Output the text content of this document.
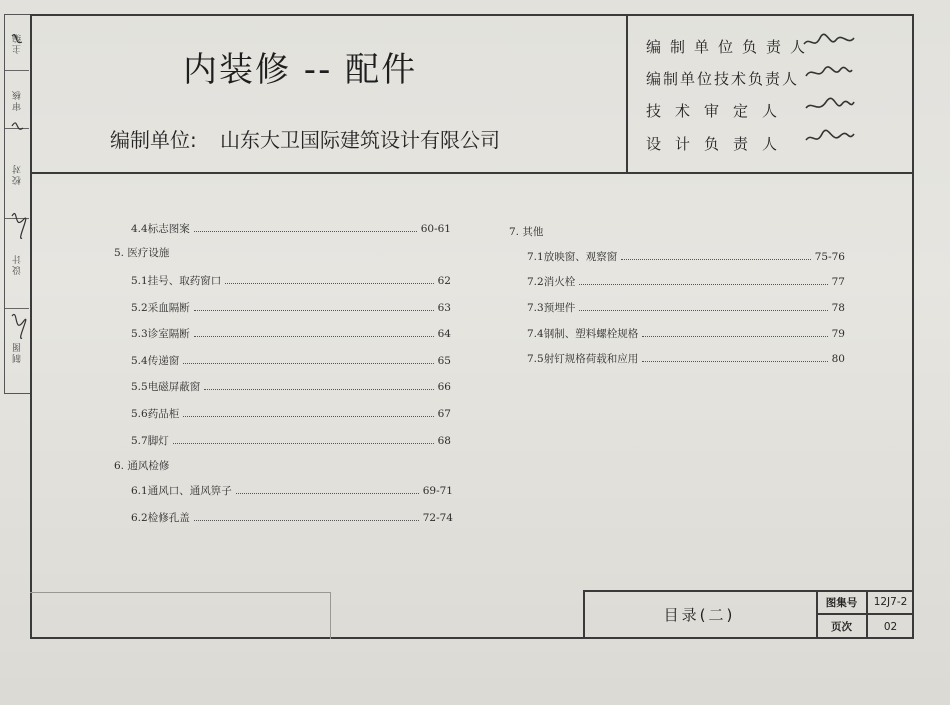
主编
审核
校对
设计
制图
内装修 -- 配件
编制单位: 山东大卫国际建筑设计有限公司
编制单位负责人
编制单位技术负责人
技术审定人
设计负责人
4.4标志图案	60-61
5. 医疗设施
5.1挂号、取药窗口	62
5.2采血隔断	63
5.3诊室隔断	64
5.4传递窗	65
5.5电磁屏蔽窗	66
5.6药品柜	67
5.7脚灯	68
6. 通风检修
6.1通风口、通风箅子	69-71
6.2检修孔盖	72-74
7. 其他
7.1放映窗、观察窗	75-76
7.2消火栓	77
7.3预埋件	78
7.4钢制、塑料螺栓规格	79
7.5射钉规格荷载和应用	80
目录(二)
图集号	12J7-2
页次	02
